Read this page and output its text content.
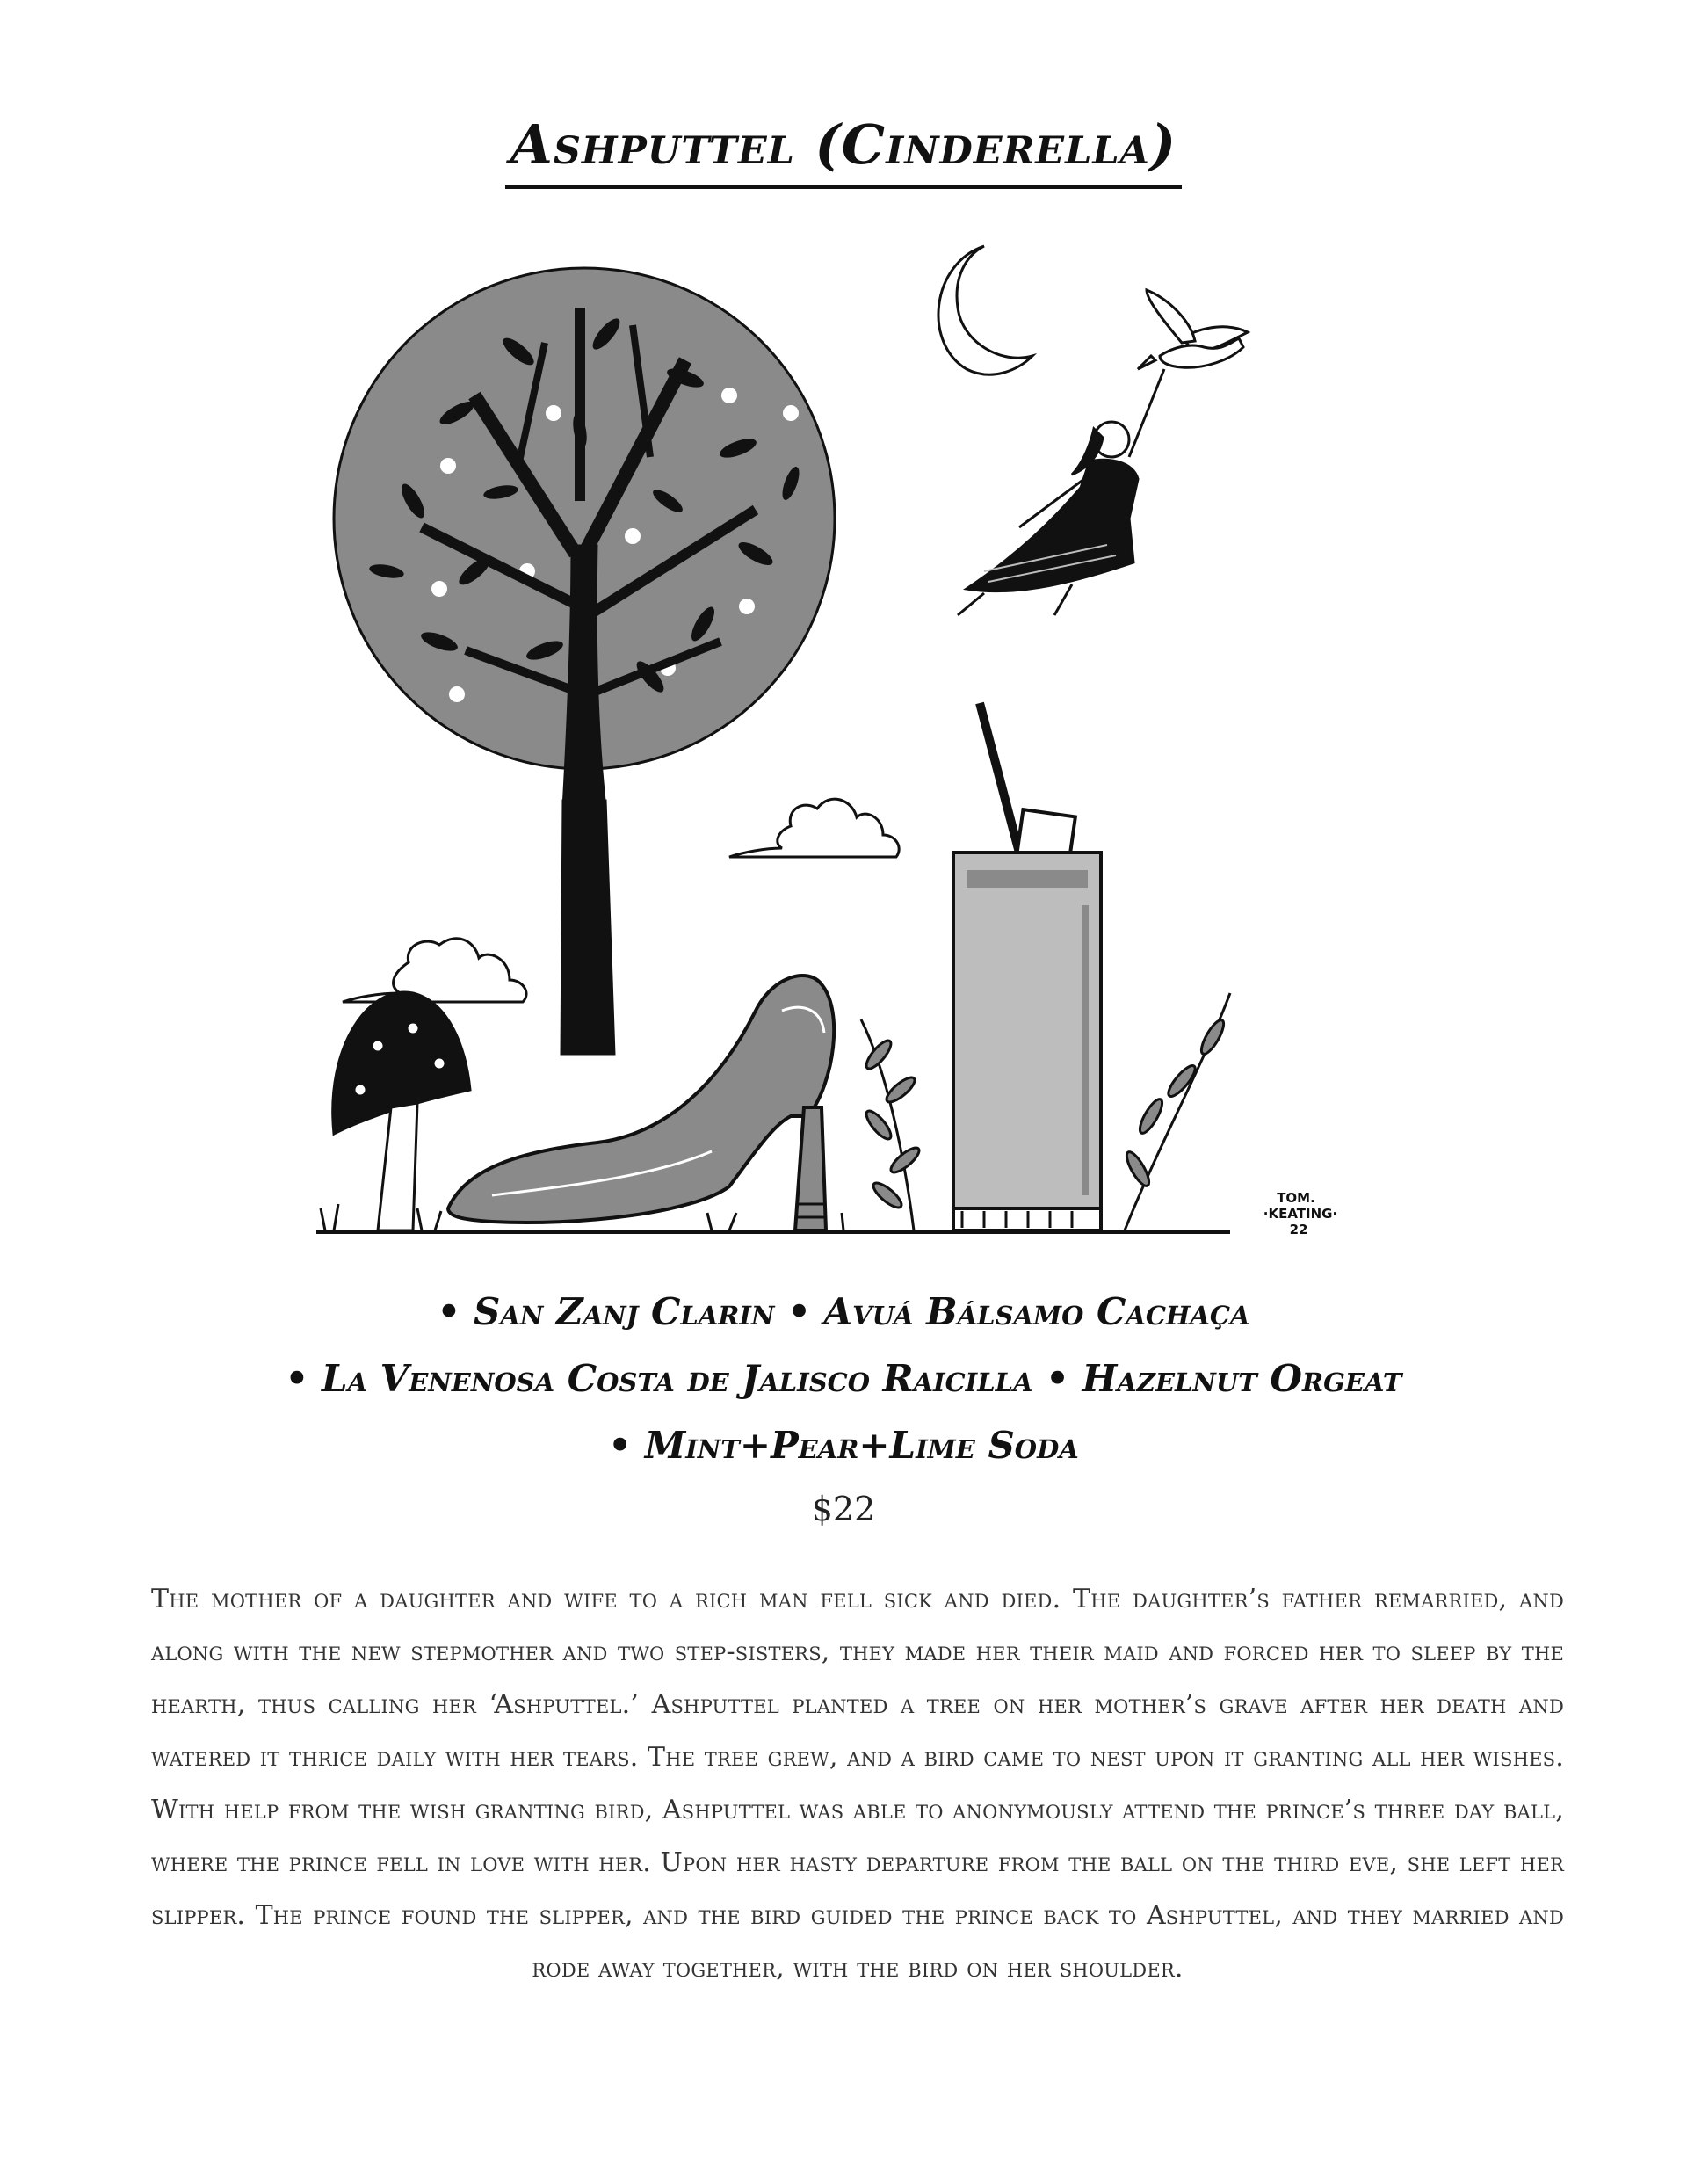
Ashputtel (Cinderella)
TOM.
·KEATING·
22
• San Zanj Clarin • Avuá Bálsamo Cachaça
• La Venenosa Costa de Jalisco Raicilla • Hazelnut Orgeat
• Mint+Pear+Lime Soda
$22
The mother of a daughter and wife to a rich man fell sick and died. The daughter’s father remarried, and along with the new stepmother and two step-sisters, they made her their maid and forced her to sleep by the hearth, thus calling her ‘Ashputtel.’ Ashputtel planted a tree on her mother’s grave after her death and watered it thrice daily with her tears. The tree grew, and a bird came to nest upon it granting all her wishes. With help from the wish granting bird, Ashputtel was able to anonymously attend the prince’s three day ball, where the prince fell in love with her. Upon her hasty departure from the ball on the third eve, she left her slipper. The prince found the slipper, and the bird guided the prince back to Ashputtel, and they married and rode away together, with the bird on her shoulder.
